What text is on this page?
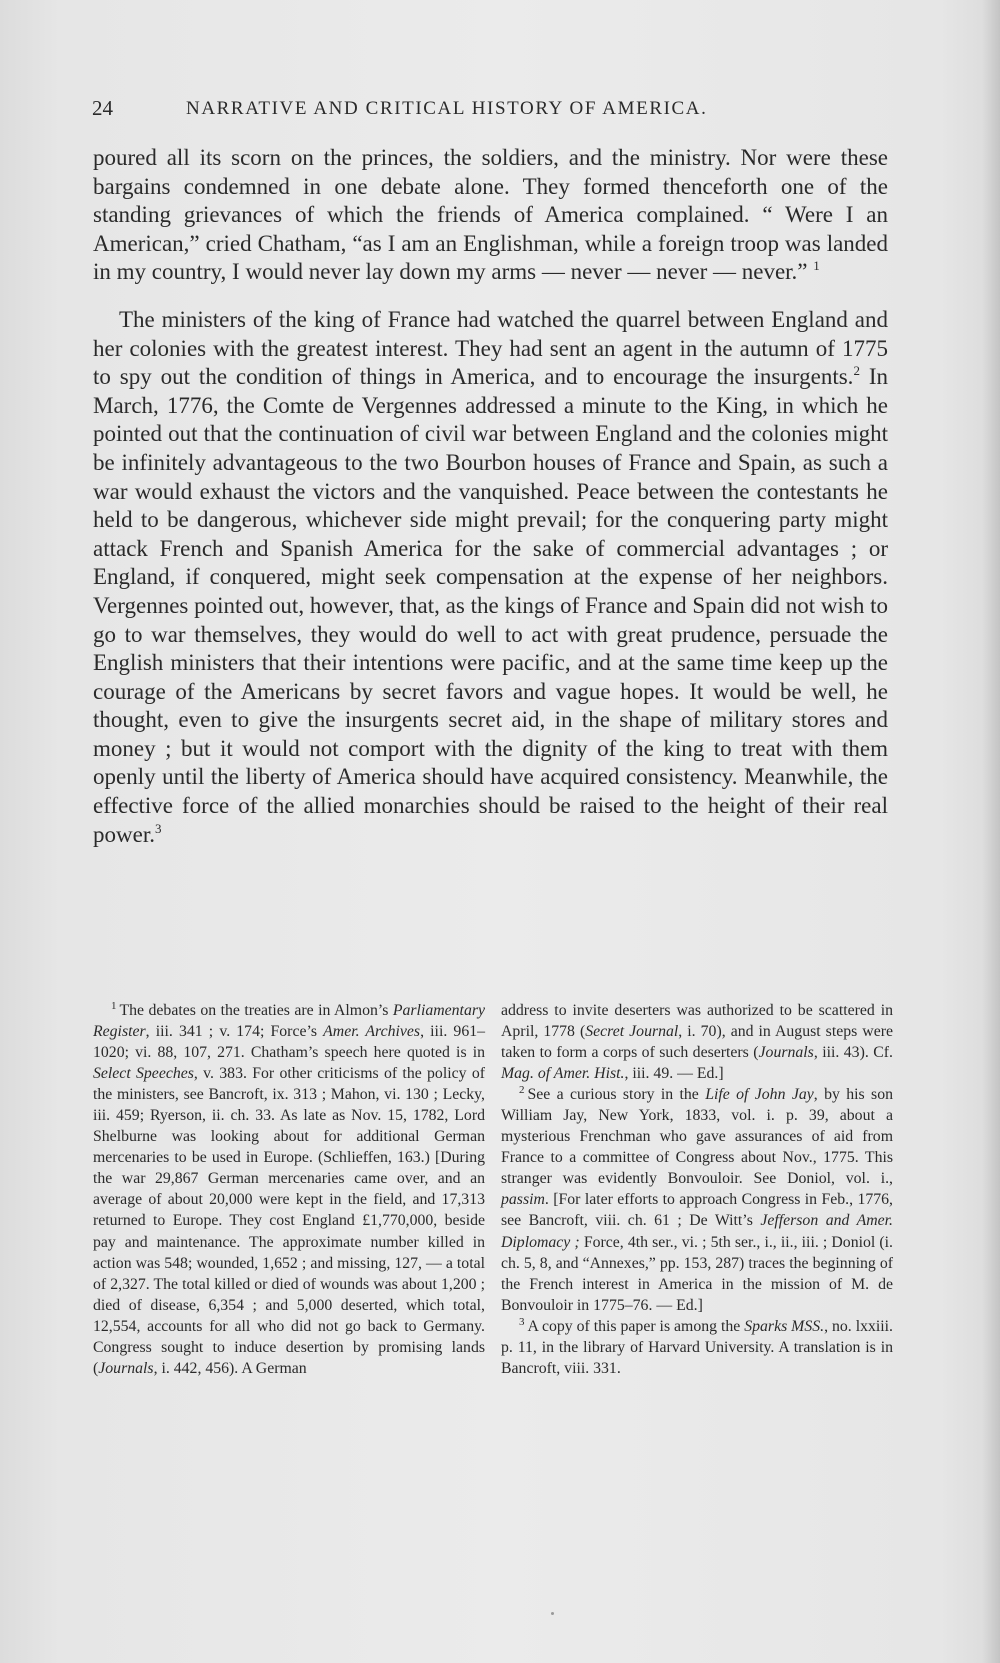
24	NARRATIVE AND CRITICAL HISTORY OF AMERICA.

poured all its scorn on the princes, the soldiers, and the ministry. Nor were these bargains condemned in one debate alone. They formed thenceforth one of the standing grievances of which the friends of America complained. “ Were I an American,” cried Chatham, “as I am an Englishman, while a foreign troop was landed in my country, I would never lay down my arms — never — never — never.” $^1$

The ministers of the king of France had watched the quarrel between England and her colonies with the greatest interest. They had sent an agent in the autumn of 1775 to spy out the condition of things in America, and to encourage the insurgents.$^2$ In March, 1776, the Comte de Vergennes addressed a minute to the King, in which he pointed out that the continuation of civil war between England and the colonies might be infinitely advantageous to the two Bourbon houses of France and Spain, as such a war would exhaust the victors and the vanquished. Peace between the contestants he held to be dangerous, whichever side might prevail; for the conquering party might attack French and Spanish America for the sake of commercial advantages ; or England, if conquered, might seek compensation at the expense of her neighbors. Vergennes pointed out, however, that, as the kings of France and Spain did not wish to go to war themselves, they would do well to act with great prudence, persuade the English ministers that their intentions were pacific, and at the same time keep up the courage of the Americans by secret favors and vague hopes. It would be well, he thought, even to give the insurgents secret aid, in the shape of military stores and money ; but it would not comport with the dignity of the king to treat with them openly until the liberty of America should have acquired consistency. Meanwhile, the effective force of the allied monarchies should be raised to the height of their real power.$^3$

$^1$ The debates on the treaties are in Almon’s Parliamentary Register, iii. 341 ; v. 174; Force’s Amer. Archives, iii. 961–1020; vi. 88, 107, 271. Chatham’s speech here quoted is in Select Speeches, v. 383. For other criticisms of the policy of the ministers, see Bancroft, ix. 313 ; Mahon, vi. 130 ; Lecky, iii. 459; Ryerson, ii. ch. 33. As late as Nov. 15, 1782, Lord Shelburne was looking about for additional German mercenaries to be used in Europe. (Schlieffen, 163.) [During the war 29,867 German mercenaries came over, and an average of about 20,000 were kept in the field, and 17,313 returned to Europe. They cost England £1,770,000, beside pay and maintenance. The approximate number killed in action was 548; wounded, 1,652 ; and missing, 127, — a total of 2,327. The total killed or died of wounds was about 1,200 ; died of disease, 6,354 ; and 5,000 deserted, which total, 12,554, accounts for all who did not go back to Germany. Congress sought to induce desertion by promising lands (Journals, i. 442, 456). A German

address to invite deserters was authorized to be scattered in April, 1778 (Secret Journal, i. 70), and in August steps were taken to form a corps of such deserters (Journals, iii. 43). Cf. Mag. of Amer. Hist., iii. 49. — Ed.]

$^2$ See a curious story in the Life of John Jay, by his son William Jay, New York, 1833, vol. i. p. 39, about a mysterious Frenchman who gave assurances of aid from France to a committee of Congress about Nov., 1775. This stranger was evidently Bonvouloir. See Doniol, vol. i., passim. [For later efforts to approach Congress in Feb., 1776, see Bancroft, viii. ch. 61 ; De Witt’s Jefferson and Amer. Diplomacy ; Force, 4th ser., vi. ; 5th ser., i., ii., iii. ; Doniol (i. ch. 5, 8, and “Annexes,” pp. 153, 287) traces the beginning of the French interest in America in the mission of M. de Bonvouloir in 1775–76. — Ed.]

$^3$ A copy of this paper is among the Sparks MSS., no. lxxiii. p. 11, in the library of Harvard University. A translation is in Bancroft, viii. 331.
